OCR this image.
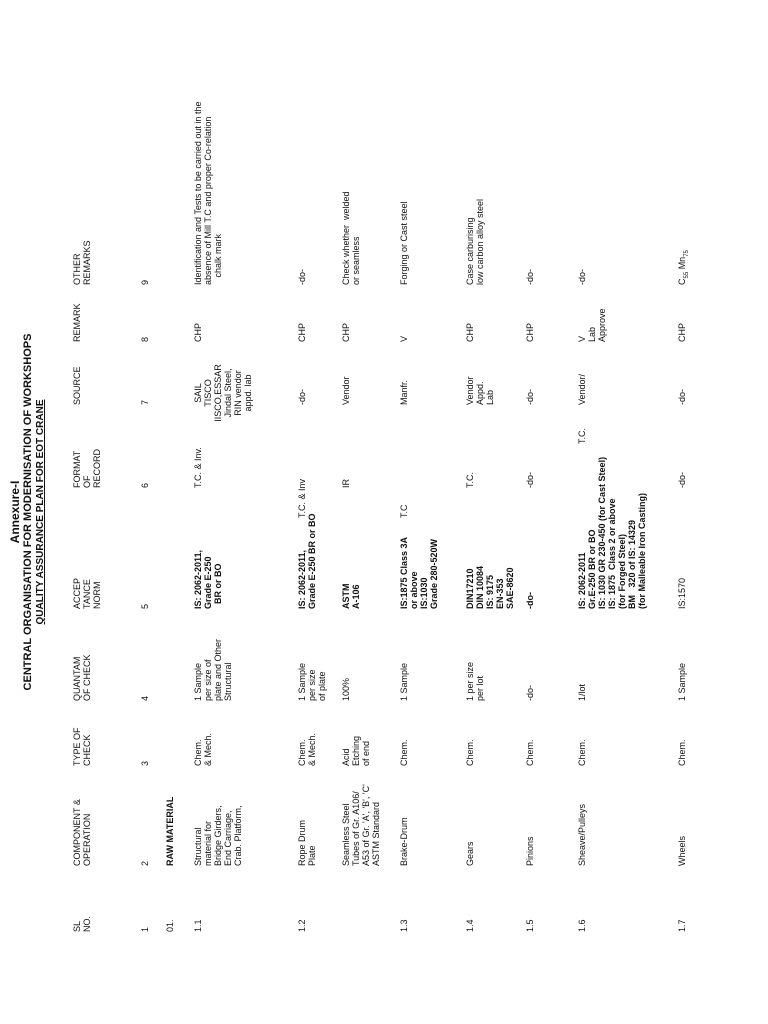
Annexure-I CENTRAL ORGANISATION FOR MODERNISATION OF WORKSHOPS QUALITY ASSURANCE PLAN FOR EOT CRANE
SL
NO.
COMPONENT &
OPERATION
TYPE OF
CHECK
QUANTAM
OF CHECK
ACCEP
TANCE
NORM
FORMAT
OF
RECORD
SOURCE
REMARK
OTHER
REMARKS
1
2
3
4
5
6
7
8
9
01.
RAW MATERIAL
1.1
Structural
material for
Bridge Girders,
End Carriage,
Crab. Platform,
Chem.
& Mech.
1 Sample
per size of
plate and Other
Structural
IS: 2062-2011,
Grade E-250
BR or BO
T.C. & Inv.
SAIL
TISCO
IISCO,ESSAR
Jindal Steel,
RIN vendor
appd. lab
CHP
Identification and Tests to be carried out in the
absence of Mill T.C and proper Co-relation
chalk mark
1.2
Rope Drum
Plate
Chem.
& Mech.
1 Sample
per size
of plate
IS: 2062-2011,
Grade E-250 BR or BO
T.C. & Inv
-do-
CHP
-do-
Seamless Steel
Tubes of Gr. A106/
A53 of Gr. 'A', 'B', 'C'
ASTM Standard
Acid
Etching
of end
100%
ASTM
A-106
IR
Vendor
CHP
Check whether  welded
or seamless
1.3
Brake-Drum
Chem.
1 Sample
IS:1875 Class 3A
or above
IS:1030
Grade 280-520W
T.C
Manfr.
V
Forging or Cast steel
1.4
Gears
Chem.
1 per size
per lot
DIN17210
DIN 10084
IS: 9175
EN-353
SAE-8620
T.C.
Vendor
Appd.
Lab
CHP
Case carburising
low carbon alloy steel
1.5
Pinions
Chem.
-do-
-do-
-do-
-do-
CHP
-do-
1.6
Sheave/Pulleys
Chem.
1/lot
IS: 2062-2011
Gr.E-250 BR or BO
IS: 1030 GR 230-450 (for Cast Steel)
IS: 1875  Class 2 or above
(for Forged Steel)
BM   320 of IS: 14329
(for Malleable Iron Casting)
T.C.
Vendor/
V
Lab
Approve
-do-
1.7
Wheels
Chem.
1 Sample
IS:1570
-do-
-do-
CHP
$C_{55}$ $Mn_{75}$
